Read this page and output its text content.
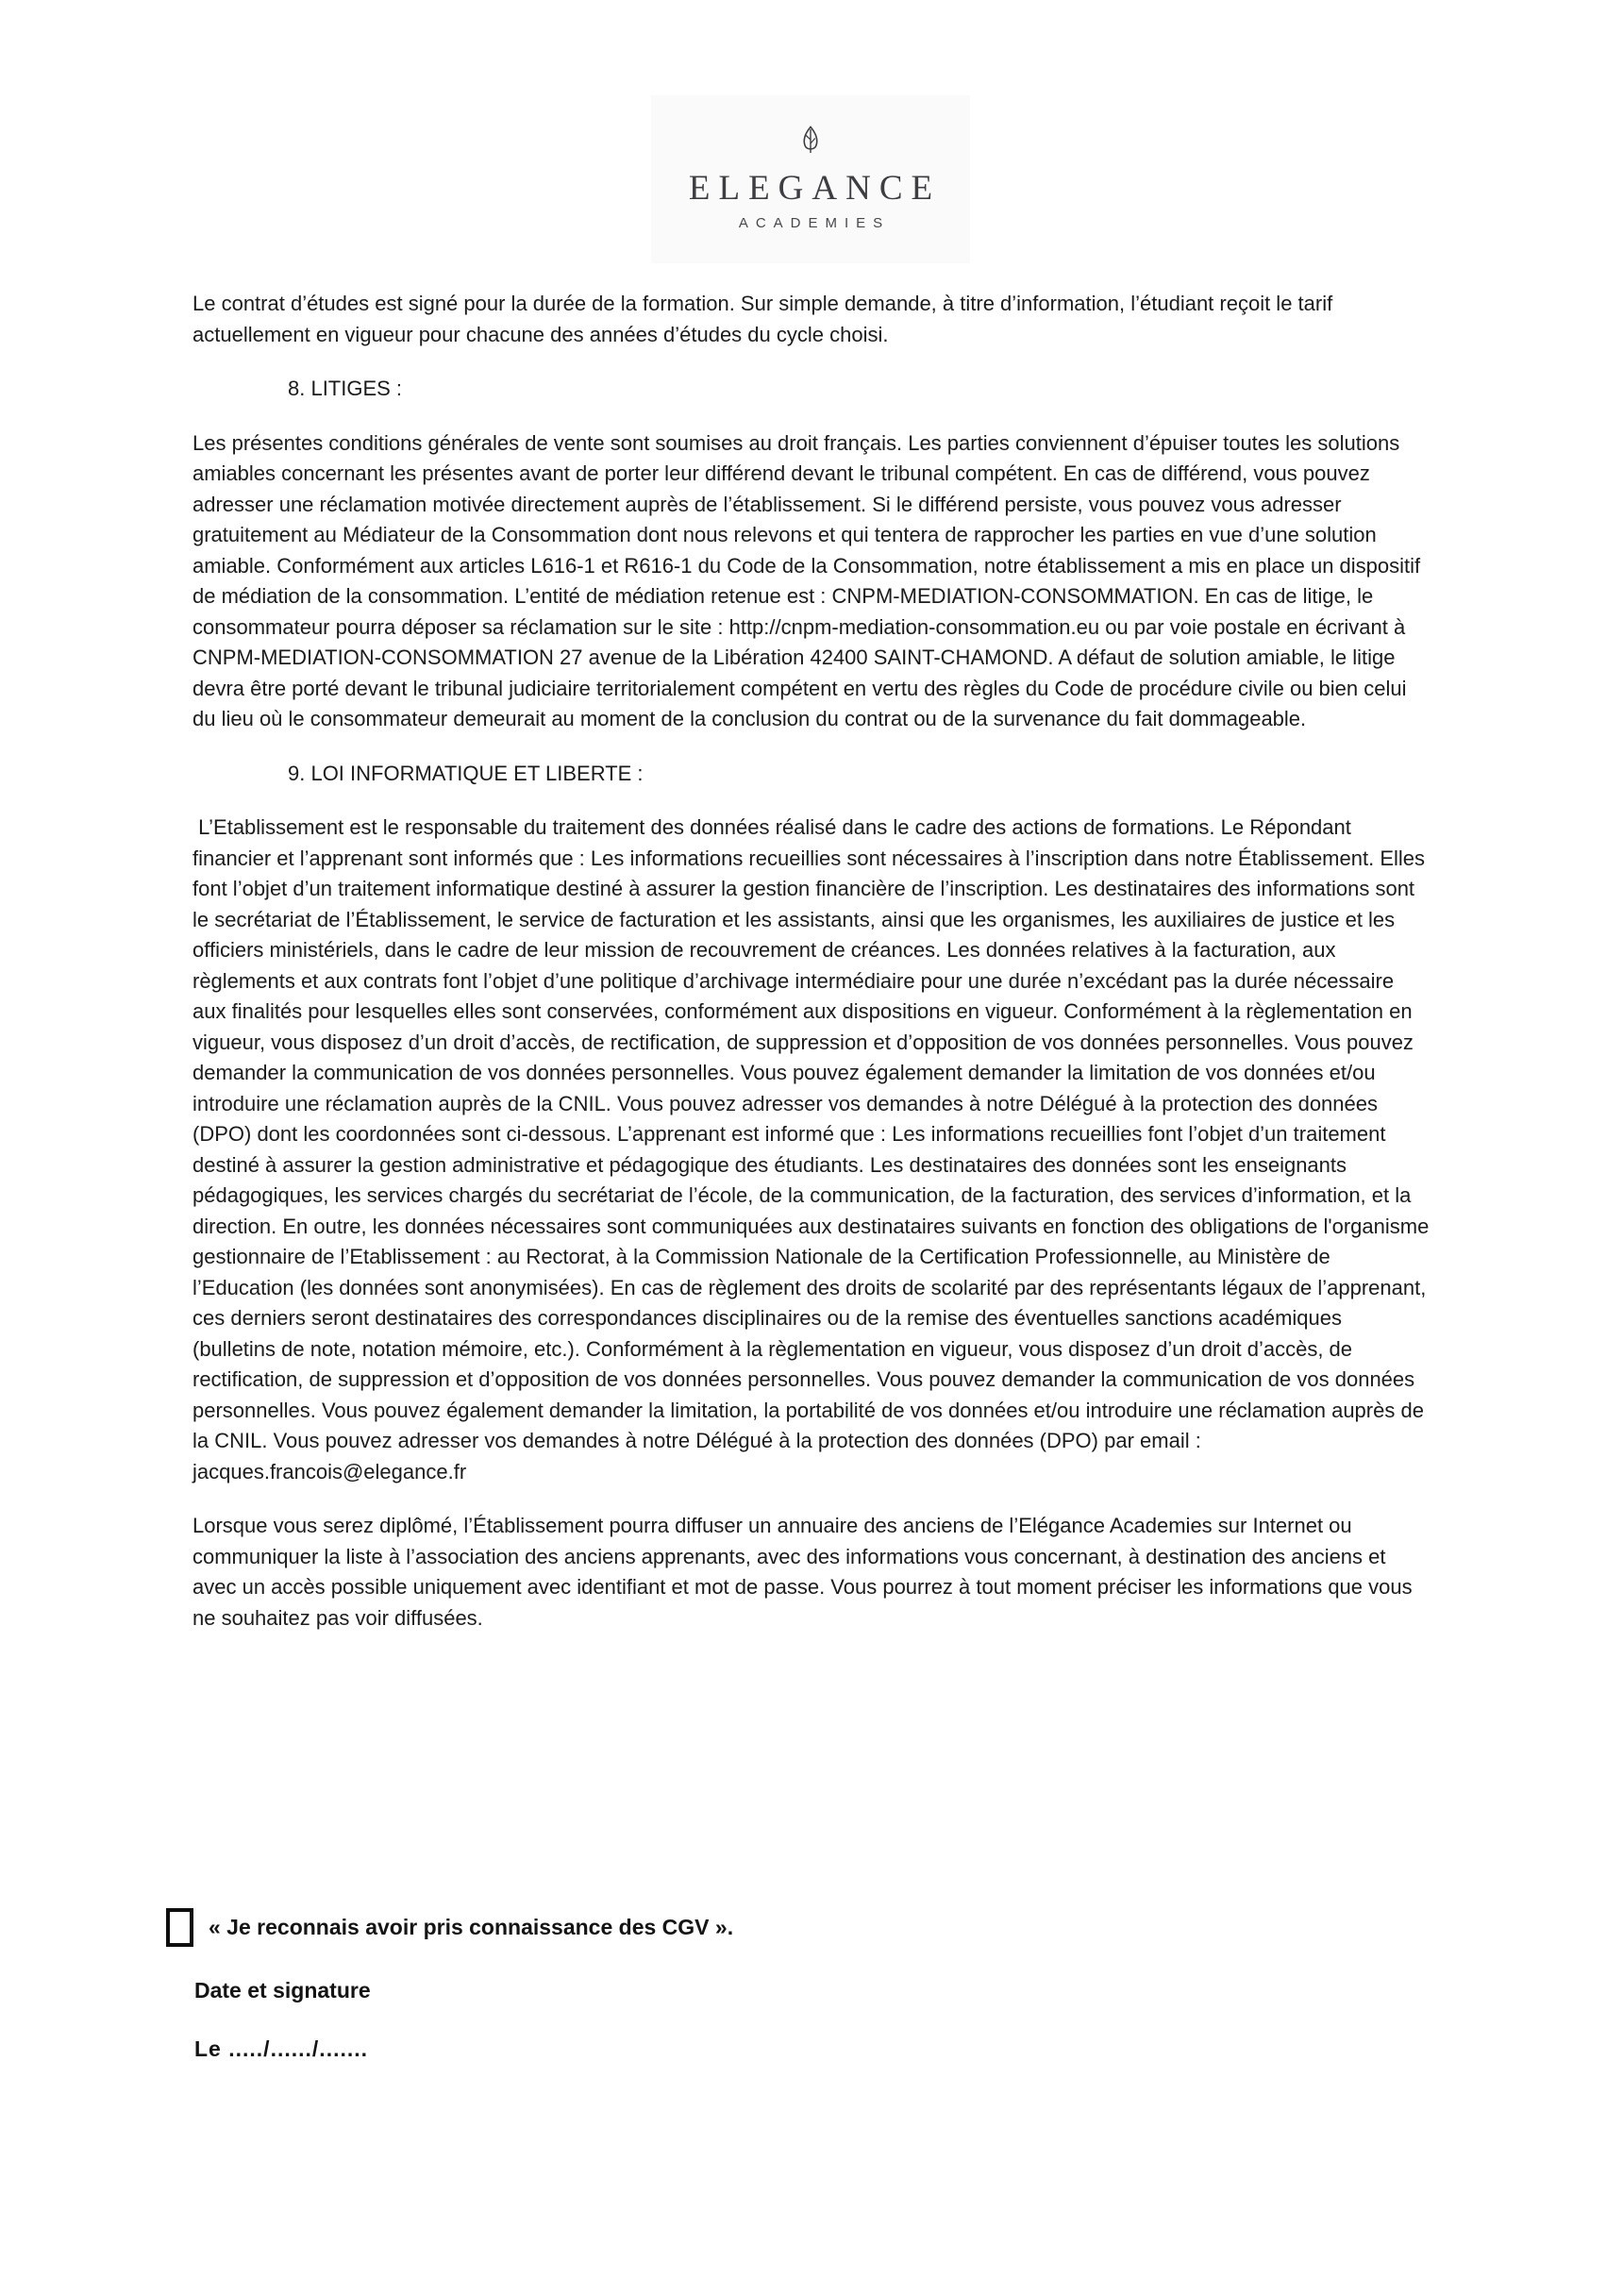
ELEGANCE
ACADEMIES

Le contrat d’études est signé pour la durée de la formation. Sur simple demande, à titre d’information, l’étudiant reçoit le tarif actuellement en vigueur pour chacune des années d’études du cycle choisi.

8. LITIGES :

Les présentes conditions générales de vente sont soumises au droit français. Les parties conviennent d’épuiser toutes les solutions amiables concernant les présentes avant de porter leur différend devant le tribunal compétent. En cas de différend, vous pouvez adresser une réclamation motivée directement auprès de l’établissement. Si le différend persiste, vous pouvez vous adresser gratuitement au Médiateur de la Consommation dont nous relevons et qui tentera de rapprocher les parties en vue d’une solution amiable. Conformément aux articles L616-1 et R616-1 du Code de la Consommation, notre établissement a mis en place un dispositif de médiation de la consommation. L’entité de médiation retenue est : CNPM-MEDIATION-CONSOMMATION. En cas de litige, le consommateur pourra déposer sa réclamation sur le site : http://cnpm-mediation-consommation.eu ou par voie postale en écrivant à CNPM-MEDIATION-CONSOMMATION 27 avenue de la Libération 42400 SAINT-CHAMOND. A défaut de solution amiable, le litige devra être porté devant le tribunal judiciaire territorialement compétent en vertu des règles du Code de procédure civile ou bien celui du lieu où le consommateur demeurait au moment de la conclusion du contrat ou de la survenance du fait dommageable.

9. LOI INFORMATIQUE ET LIBERTE :

L’Etablissement est le responsable du traitement des données réalisé dans le cadre des actions de formations. Le Répondant financier et l’apprenant sont informés que : Les informations recueillies sont nécessaires à l’inscription dans notre Établissement. Elles font l’objet d’un traitement informatique destiné à assurer la gestion financière de l’inscription. Les destinataires des informations sont le secrétariat de l’Établissement, le service de facturation et les assistants, ainsi que les organismes, les auxiliaires de justice et les officiers ministériels, dans le cadre de leur mission de recouvrement de créances. Les données relatives à la facturation, aux règlements et aux contrats font l’objet d’une politique d’archivage intermédiaire pour une durée n’excédant pas la durée nécessaire aux finalités pour lesquelles elles sont conservées, conformément aux dispositions en vigueur. Conformément à la règlementation en vigueur, vous disposez d’un droit d’accès, de rectification, de suppression et d’opposition de vos données personnelles. Vous pouvez demander la communication de vos données personnelles. Vous pouvez également demander la limitation de vos données et/ou introduire une réclamation auprès de la CNIL. Vous pouvez adresser vos demandes à notre Délégué à la protection des données (DPO) dont les coordonnées sont ci-dessous. L’apprenant est informé que : Les informations recueillies font l’objet d’un traitement destiné à assurer la gestion administrative et pédagogique des étudiants. Les destinataires des données sont les enseignants pédagogiques, les services chargés du secrétariat de l’école, de la communication, de la facturation, des services d’information, et la direction. En outre, les données nécessaires sont communiquées aux destinataires suivants en fonction des obligations de l'organisme gestionnaire de l’Etablissement : au Rectorat, à la Commission Nationale de la Certification Professionnelle, au Ministère de l’Education (les données sont anonymisées). En cas de règlement des droits de scolarité par des représentants légaux de l’apprenant, ces derniers seront destinataires des correspondances disciplinaires ou de la remise des éventuelles sanctions académiques (bulletins de note, notation mémoire, etc.). Conformément à la règlementation en vigueur, vous disposez d’un droit d’accès, de rectification, de suppression et d’opposition de vos données personnelles. Vous pouvez demander la communication de vos données personnelles. Vous pouvez également demander la limitation, la portabilité de vos données et/ou introduire une réclamation auprès de la CNIL. Vous pouvez adresser vos demandes à notre Délégué à la protection des données (DPO) par email : jacques.francois@elegance.fr

Lorsque vous serez diplômé, l’Établissement pourra diffuser un annuaire des anciens de l’Elégance Academies sur Internet ou communiquer la liste à l’association des anciens apprenants, avec des informations vous concernant, à destination des anciens et avec un accès possible uniquement avec identifiant et mot de passe. Vous pourrez à tout moment préciser les informations que vous ne souhaitez pas voir diffusées.

« Je reconnais avoir pris connaissance des CGV ».
Date et signature
Le ...../....../.......
